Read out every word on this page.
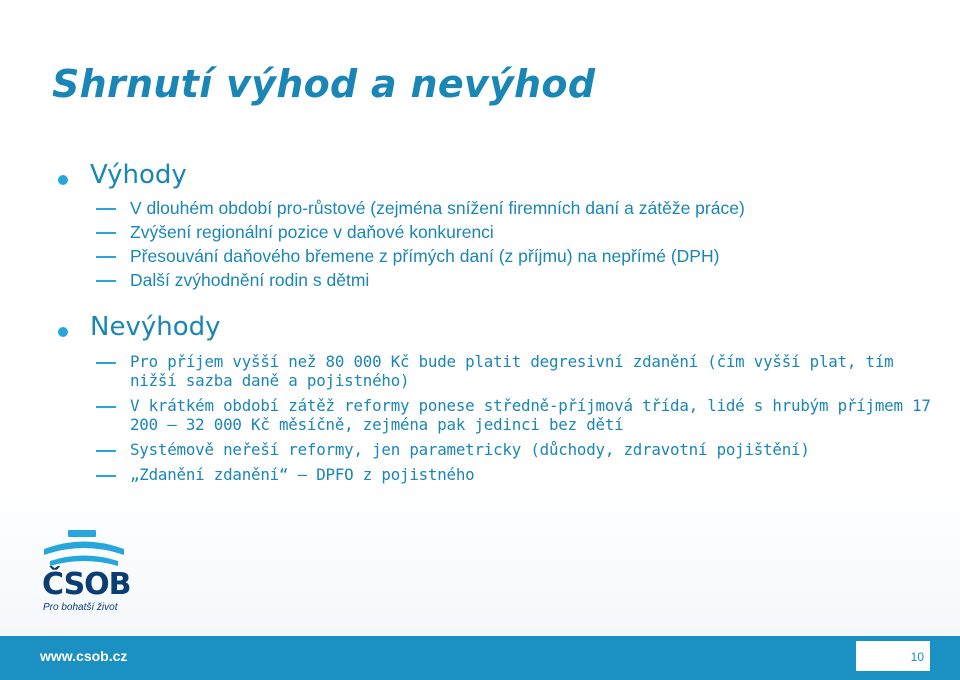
Shrnutí výhod a nevýhod
Výhody
V dlouhém období pro-růstové (zejména snížení firemních daní a zátěže práce)
Zvýšení regionální pozice v daňové konkurenci
Přesouvání daňového břemene z přímých daní (z příjmu) na nepřímé (DPH)
Další zvýhodnění rodin s dětmi
Nevýhody
Pro příjem vyšší než 80 000 Kč bude platit degresivní zdanění (čím vyšší plat, tím nižší sazba daně a pojistného)
V krátkém období zátěž reformy ponese středně-příjmová třída, lidé s hrubým příjmem 17 200 – 32 000 Kč měsíčně, zejména pak jedinci bez dětí
Systémově neřeší reformy, jen parametricky (důchody, zdravotní pojištění)
„Zdanění zdanění“ – DPFO z pojistného
ČSOB
Pro bohatší život
www.csob.cz	10
